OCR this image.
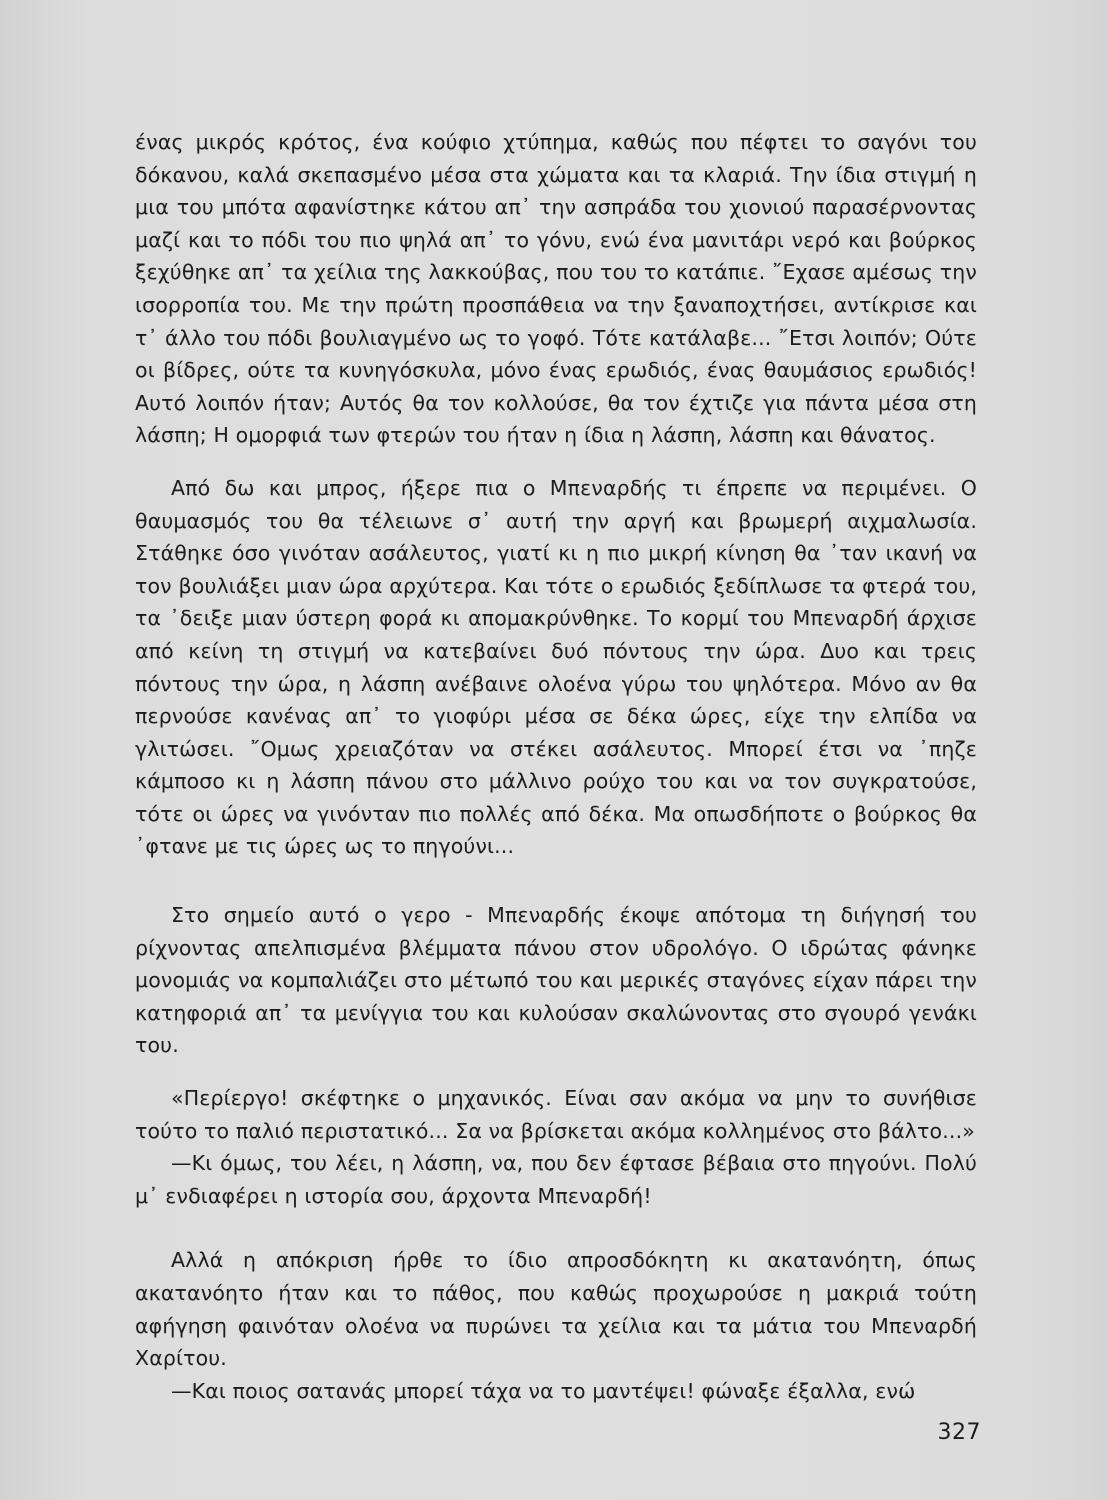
ένας μικρός κρότος, ένα κούφιο χτύπημα, καθώς που πέφτει το σαγόνι του δόκανου, καλά σκεπασμένο μέσα στα χώματα και τα κλαριά. Την ίδια στιγμή η μια του μπότα αφανίστηκε κάτου απ᾽ την ασπράδα του χιονιού παρασέρνοντας μαζί και το πόδι του πιο ψηλά απ᾽ το γόνυ, ενώ ένα μανιτάρι νερό και βούρκος ξεχύθηκε απ᾽ τα χείλια της λακκούβας, που του το κατάπιε. ῎Εχασε αμέσως την ισορροπία του. Με την πρώτη προσπάθεια να την ξαναποχτήσει, αντίκρισε και τ᾽ άλλο του πόδι βουλιαγμένο ως το γοφό. Τότε κατάλαβε... ῎Ετσι λοιπόν; Ούτε οι βίδρες, ούτε τα κυνηγόσκυλα, μόνο ένας ερωδιός, ένας θαυμάσιος ερωδιός! Αυτό λοιπόν ήταν; Αυτός θα τον κολλούσε, θα τον έχτιζε για πάντα μέσα στη λάσπη; Η ομορφιά των φτερών του ήταν η ίδια η λάσπη, λάσπη και θάνατος.

Από δω και μπρος, ήξερε πια ο Μπεναρδής τι έπρεπε να περιμένει. Ο θαυμασμός του θα τέλειωνε σ᾽ αυτή την αργή και βρωμερή αιχμαλωσία. Στάθηκε όσο γινόταν ασάλευτος, γιατί κι η πιο μικρή κίνηση θα ᾽ταν ικανή να τον βουλιάξει μιαν ώρα αρχύτερα. Και τότε ο ερωδιός ξεδίπλωσε τα φτερά του, τα ᾽δειξε μιαν ύστερη φορά κι απομακρύνθηκε. Το κορμί του Μπεναρδή άρχισε από κείνη τη στιγμή να κατεβαίνει δυό πόντους την ώρα. Δυο και τρεις πόντους την ώρα, η λάσπη ανέβαινε ολοένα γύρω του ψηλότερα. Μόνο αν θα περνούσε κανένας απ᾽ το γιοφύρι μέσα σε δέκα ώρες, είχε την ελπίδα να γλιτώσει. ῎Ομως χρειαζόταν να στέκει ασάλευτος. Μπορεί έτσι να ᾽πηζε κάμποσο κι η λάσπη πάνου στο μάλλινο ρούχο του και να τον συγκρατούσε, τότε οι ώρες να γινόνταν πιο πολλές από δέκα. Μα οπωσδήποτε ο βούρκος θα ᾽φτανε με τις ώρες ως το πηγούνι...

Στο σημείο αυτό ο γερο - Μπεναρδής έκοψε απότομα τη διήγησή του ρίχνοντας απελπισμένα βλέμματα πάνου στον υδρολόγο. Ο ιδρώτας φάνηκε μονομιάς να κομπαλιάζει στο μέτωπό του και μερικές σταγόνες είχαν πάρει την κατηφοριά απ᾽ τα μενίγγια του και κυλούσαν σκαλώνοντας στο σγουρό γενάκι του.

«Περίεργο! σκέφτηκε ο μηχανικός. Είναι σαν ακόμα να μην το συνήθισε τούτο το παλιό περιστατικό... Σα να βρίσκεται ακόμα κολλημένος στο βάλτο...»

—Κι όμως, του λέει, η λάσπη, να, που δεν έφτασε βέβαια στο πηγούνι. Πολύ μ᾽ ενδιαφέρει η ιστορία σου, άρχοντα Μπεναρδή!

Αλλά η απόκριση ήρθε το ίδιο απροσδόκητη κι ακατανόητη, όπως ακατανόητο ήταν και το πάθος, που καθώς προχωρούσε η μακριά τούτη αφήγηση φαινόταν ολοένα να πυρώνει τα χείλια και τα μάτια του Μπεναρδή Χαρίτου.

—Και ποιος σατανάς μπορεί τάχα να το μαντέψει! φώναξε έξαλλα, ενώ

327
